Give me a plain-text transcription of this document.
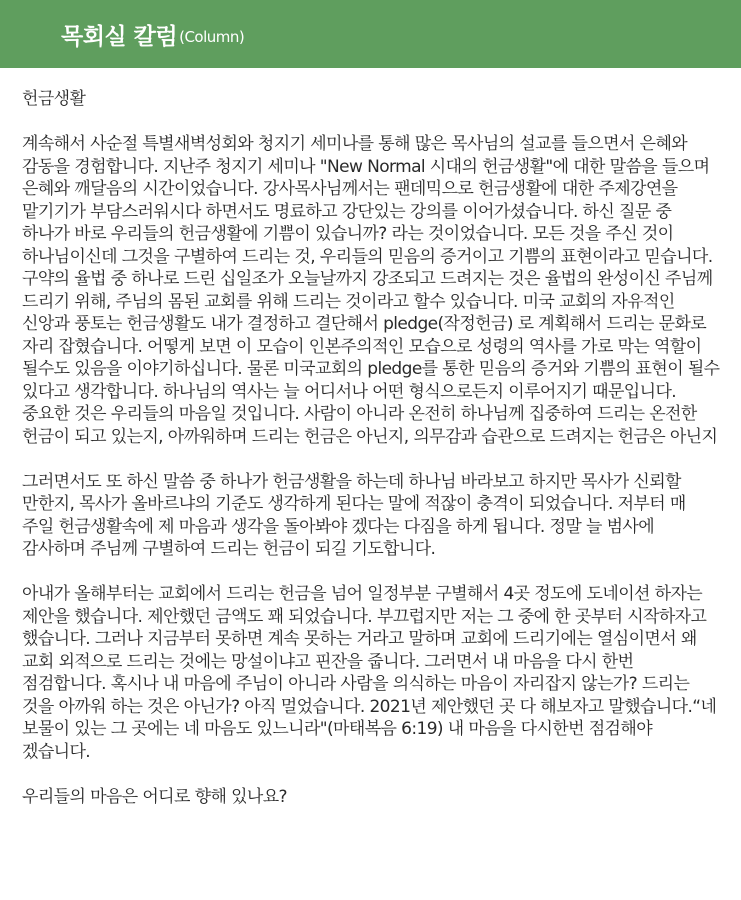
목회실 칼럼 (Column)

헌금생활

계속해서 사순절 특별새벽성회와 청지기 세미나를 통해 많은 목사님의 설교를 들으면서 은혜와 감동을 경험합니다. 지난주 청지기 세미나 "New Normal 시대의 헌금생활"에 대한 말씀을 들으며 은혜와 깨달음의 시간이었습니다. 강사목사님께서는 팬데믹으로 헌금생활에 대한 주제강연을 맡기기가 부담스러워시다 하면서도 명료하고 강단있는 강의를 이어가셨습니다. 하신 질문 중 하나가 바로 우리들의 헌금생활에 기쁨이 있습니까? 라는 것이었습니다. 모든 것을 주신 것이 하나님이신데 그것을 구별하여 드리는 것, 우리들의 믿음의 증거이고 기쁨의 표현이라고 믿습니다. 구약의 율법 중 하나로 드린 십일조가 오늘날까지 강조되고 드려지는 것은 율법의 완성이신 주님께 드리기 위해, 주님의 몸된 교회를 위해 드리는 것이라고 할수 있습니다. 미국 교회의 자유적인 신앙과 풍토는 헌금생활도 내가 결정하고 결단해서 pledge(작정헌금) 로 계획해서 드리는 문화로 자리 잡혔습니다. 어떻게 보면 이 모습이 인본주의적인 모습으로 성령의 역사를 가로 막는 역할이 될수도 있음을 이야기하십니다. 물론 미국교회의 pledge를 통한 믿음의 증거와 기쁨의 표현이 될수 있다고 생각합니다. 하나님의 역사는 늘 어디서나 어떤 형식으로든지 이루어지기 때문입니다. 중요한 것은 우리들의 마음일 것입니다. 사람이 아니라 온전히 하나님께 집중하여 드리는 온전한 헌금이 되고 있는지, 아까워하며 드리는 헌금은 아닌지, 의무감과 습관으로 드려지는 헌금은 아닌지

그러면서도 또 하신 말씀 중 하나가 헌금생활을 하는데 하나님 바라보고 하지만 목사가 신뢰할 만한지, 목사가 올바르냐의 기준도 생각하게 된다는 말에 적잖이 충격이 되었습니다. 저부터 매 주일 헌금생활속에 제 마음과 생각을 돌아봐야 겠다는 다짐을 하게 됩니다. 정말 늘 범사에 감사하며 주님께 구별하여 드리는 헌금이 되길 기도합니다.

아내가 올해부터는 교회에서 드리는 헌금을 넘어 일정부분 구별해서 4곳 정도에 도네이션 하자는 제안을 했습니다. 제안했던 금액도 꽤 되었습니다. 부끄럽지만 저는 그 중에 한 곳부터 시작하자고 했습니다. 그러나 지금부터 못하면 계속 못하는 거라고 말하며 교회에 드리기에는 열심이면서 왜 교회 외적으로 드리는 것에는 망설이냐고 핀잔을 줍니다. 그러면서 내 마음을 다시 한번 점검합니다. 혹시나 내 마음에 주님이 아니라 사람을 의식하는 마음이 자리잡지 않는가? 드리는 것을 아까워 하는 것은 아닌가? 아직 멀었습니다. 2021년 제안했던 곳 다 해보자고 말했습니다.“네 보물이 있는 그 곳에는 네 마음도 있느니라"(마태복음 6:19) 내 마음을 다시한번 점검해야 겠습니다.

우리들의 마음은 어디로 향해 있나요?
